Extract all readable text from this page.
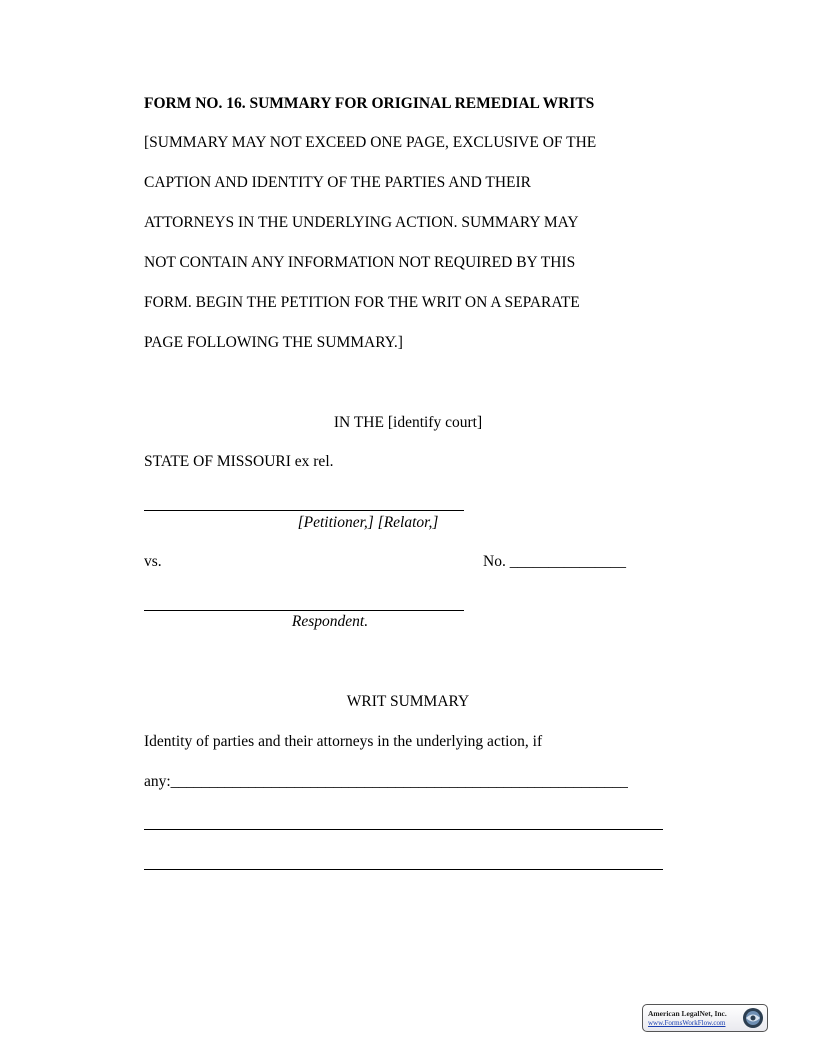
FORM NO. 16. SUMMARY FOR ORIGINAL REMEDIAL WRITS
[SUMMARY MAY NOT EXCEED ONE PAGE, EXCLUSIVE OF THE
CAPTION AND IDENTITY OF THE PARTIES AND THEIR
ATTORNEYS IN THE UNDERLYING ACTION. SUMMARY MAY
NOT CONTAIN ANY INFORMATION NOT REQUIRED BY THIS
FORM. BEGIN THE PETITION FOR THE WRIT ON A SEPARATE
PAGE FOLLOWING THE SUMMARY.]
IN THE [identify court]
STATE OF MISSOURI ex rel.
[Petitioner,] [Relator,]
vs.	No. _______________
Respondent.
WRIT SUMMARY
Identity of parties and their attorneys in the underlying action, if
any:___________________________________________________________
American LegalNet, Inc.
www.FormsWorkFlow.com
